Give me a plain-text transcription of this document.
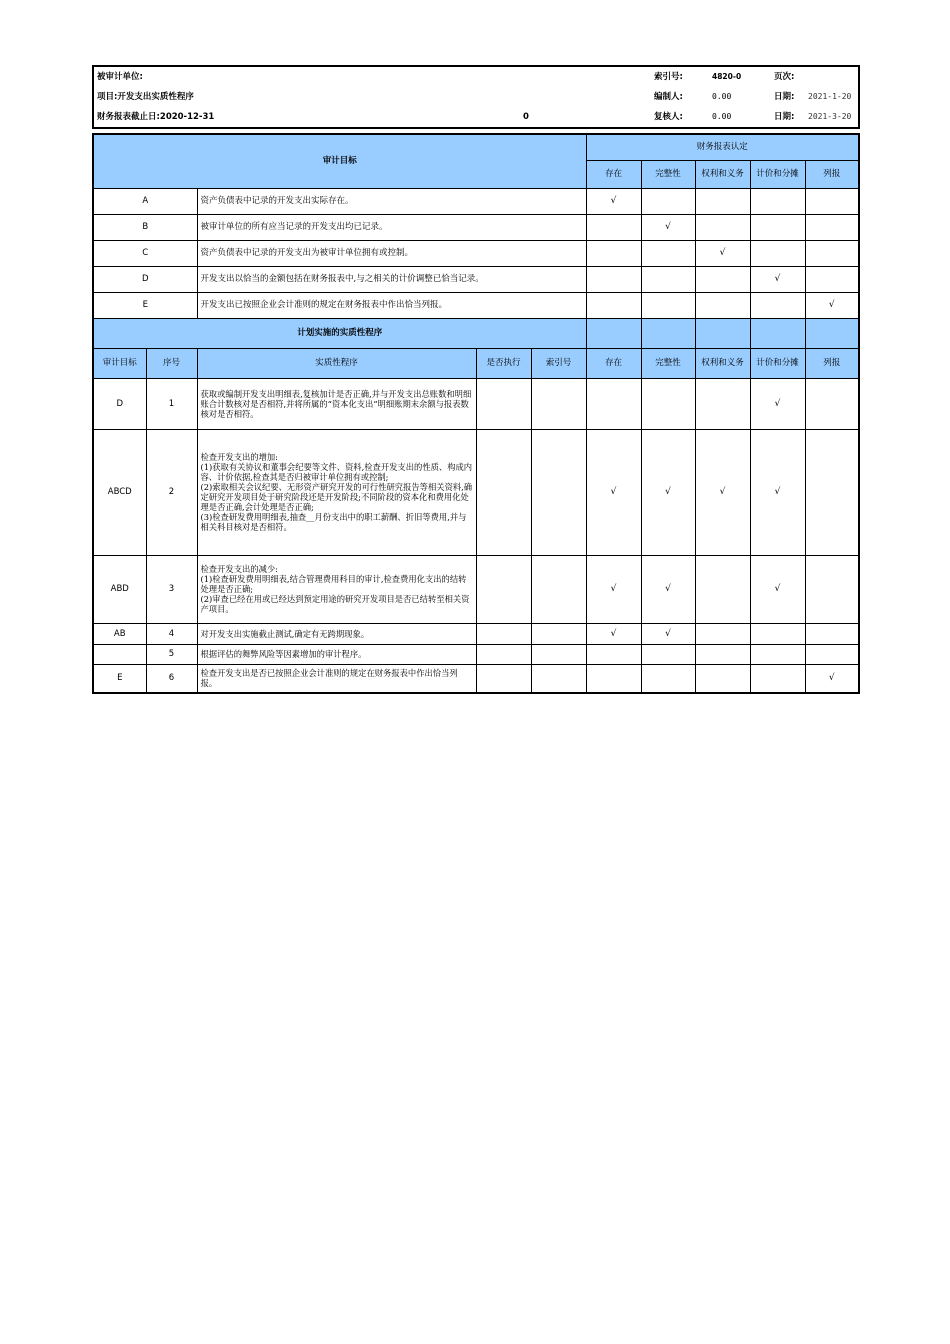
被审计单位:		索引号:	4820-0	页次:	
项目:开发支出实质性程序		编制人:	0.00	日期:	2021-1-20
财务报表截止日:2020-12-31	0	复核人:	0.00	日期:	2021-3-20
审计目标					财务报表认定				
					存在	完整性	权利和义务	计价和分摊	列报
A		资产负债表中记录的开发支出实际存在。			√				
B		被审计单位的所有应当记录的开发支出均已记录。				√			
C		资产负债表中记录的开发支出为被审计单位拥有或控制。					√		
D		开发支出以恰当的金额包括在财务报表中,与之相关的计价调整已恰当记录。						√	
E		开发支出已按照企业会计准则的规定在财务报表中作出恰当列报。							√
计划实施的实质性程序									
审计目标	序号	实质性程序	是否执行	索引号	存在	完整性	权利和义务	计价和分摊	列报
D	1	获取或编制开发支出明细表,复核加计是否正确,并与开发支出总账数和明细账合计数核对是否相符,并将所属的“资本化支出”明细账期末余额与报表数核对是否相符。						√	
ABCD	2	检查开发支出的增加:
(1)获取有关协议和董事会纪要等文件、资料,检查开发支出的性质、构成内容、计价依据,检查其是否归被审计单位拥有或控制;
(2)索取相关会议纪要、无形资产研究开发的可行性研究报告等相关资料,确定研究开发项目处于研究阶段还是开发阶段;不同阶段的资本化和费用化处理是否正确,会计处理是否正确;
(3)检查研发费用明细表,抽查__月份支出中的职工薪酬、折旧等费用,并与相关科目核对是否相符。			√	√	√	√	
ABD	3	检查开发支出的减少:
(1)检查研发费用明细表,结合管理费用科目的审计,检查费用化支出的结转处理是否正确;
(2)审查已经在用或已经达到预定用途的研究开发项目是否已结转至相关资产项目。			√	√		√	
AB	4	对开发支出实施截止测试,确定有无跨期现象。			√	√			
	5	根据评估的舞弊风险等因素增加的审计程序。							
E	6	检查开发支出是否已按照企业会计准则的规定在财务报表中作出恰当列报。							√
